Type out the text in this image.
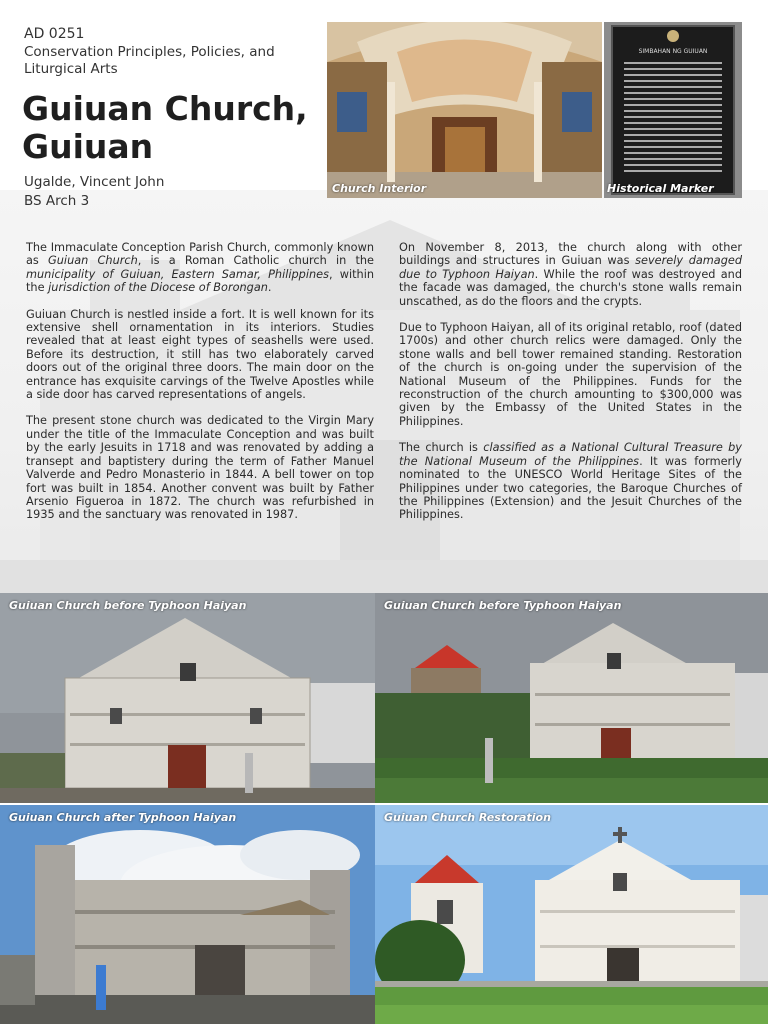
AD 0251
Conservation Principles, Policies, and Liturgical Arts
Guiuan Church, Guiuan
Ugalde, Vincent John
BS Arch 3
Church Interior
SIMBAHAN NG GUIUAN
Historical Marker

The Immaculate Conception Parish Church, commonly known as Guiuan Church, is a Roman Catholic church in the municipality of Guiuan, Eastern Samar, Philippines, within the jurisdiction of the Diocese of Borongan.

Guiuan Church is nestled inside a fort. It is well known for its extensive shell ornamentation in its interiors. Studies revealed that at least eight types of seashells were used. Before its destruction, it still has two elaborately carved doors out of the original three doors. The main door on the entrance has exquisite carvings of the Twelve Apostles while a side door has carved representations of angels.

The present stone church was dedicated to the Virgin Mary under the title of the Immaculate Conception and was built by the early Jesuits in 1718 and was renovated by adding a transept and baptistery during the term of Father Manuel Valverde and Pedro Monasterio in 1844. A bell tower on top fort was built in 1854. Another convent was built by Father Arsenio Figueroa in 1872. The church was refurbished in 1935 and the sanctuary was renovated in 1987.

On November 8, 2013, the church along with other buildings and structures in Guiuan was severely damaged due to Typhoon Haiyan. While the roof was destroyed and the facade was damaged, the church's stone walls remain unscathed, as do the floors and the crypts.

Due to Typhoon Haiyan, all of its original retablo, roof (dated 1700s) and other church relics were damaged. Only the stone walls and bell tower remained standing. Restoration of the church is on-going under the supervision of the National Museum of the Philippines. Funds for the reconstruction of the church amounting to $300,000 was given by the Embassy of the United States in the Philippines.

The church is classified as a National Cultural Treasure by the National Museum of the Philippines. It was formerly nominated to the UNESCO World Heritage Sites of the Philippines under two categories, the Baroque Churches of the Philippines (Extension) and the Jesuit Churches of the Philippines.

Guiuan Church before Typhoon Haiyan	Guiuan Church before Typhoon Haiyan
Guiuan Church after Typhoon Haiyan	Guiuan Church Restoration
